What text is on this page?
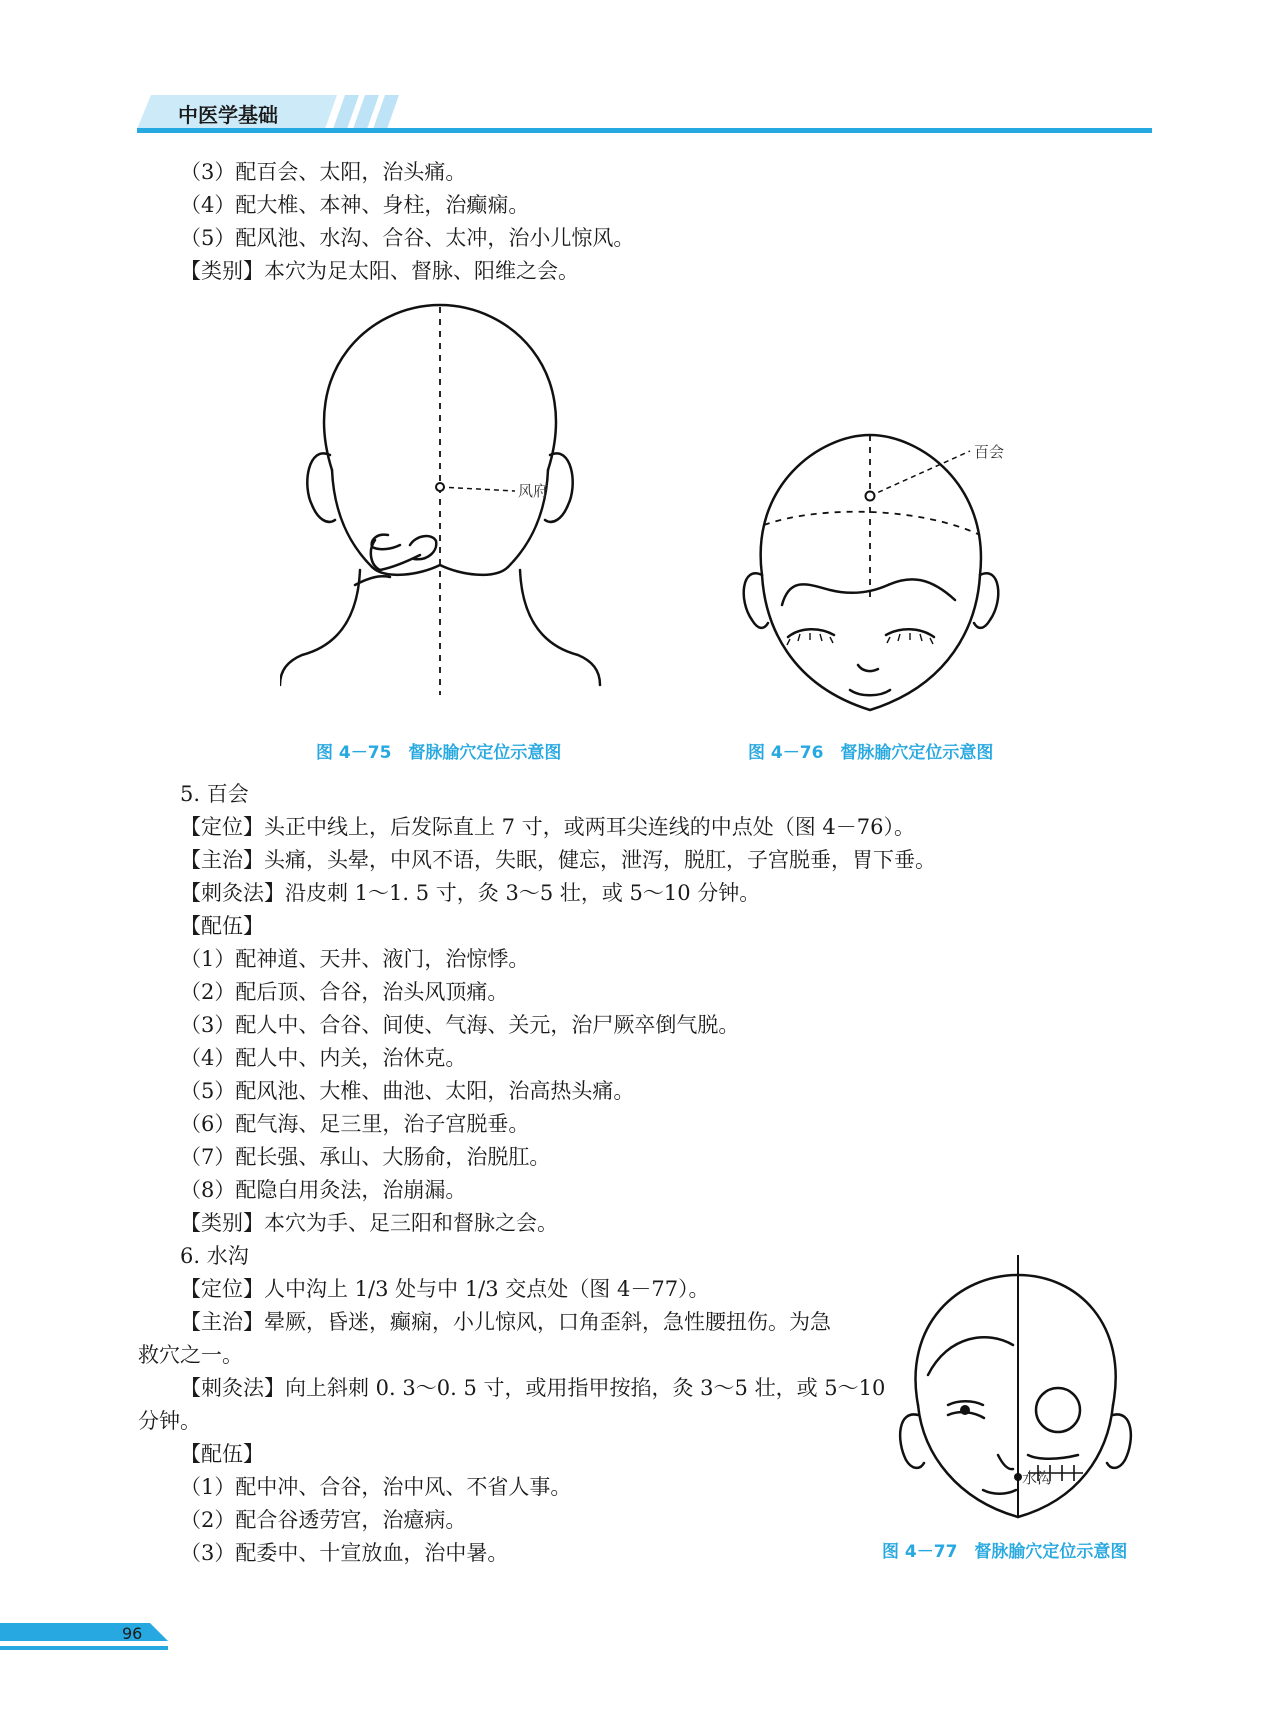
中医学基础
（3）配百会、太阳，治头痛。
（4）配大椎、本神、身柱，治癫痫。
（5）配风池、水沟、合谷、太冲，治小儿惊风。
【类别】本穴为足太阳、督脉、阳维之会。
风府
图 4－75　督脉腧穴定位示意图
百会
图 4－76　督脉腧穴定位示意图
5. 百会
【定位】头正中线上，后发际直上 7 寸，或两耳尖连线的中点处（图 4－76）。
【主治】头痛，头晕，中风不语，失眠，健忘，泄泻，脱肛，子宫脱垂，胃下垂。
【刺灸法】沿皮刺 1～1. 5 寸，灸 3～5 壮，或 5～10 分钟。
【配伍】
（1）配神道、天井、液门，治惊悸。
（2）配后顶、合谷，治头风顶痛。
（3）配人中、合谷、间使、气海、关元，治尸厥卒倒气脱。
（4）配人中、内关，治休克。
（5）配风池、大椎、曲池、太阳，治高热头痛。
（6）配气海、足三里，治子宫脱垂。
（7）配长强、承山、大肠俞，治脱肛。
（8）配隐白用灸法，治崩漏。
【类别】本穴为手、足三阳和督脉之会。
6. 水沟
【定位】人中沟上 1/3 处与中 1/3 交点处（图 4－77）。
【主治】晕厥，昏迷，癫痫，小儿惊风，口角歪斜，急性腰扭伤。为急
救穴之一。
【刺灸法】向上斜刺 0. 3～0. 5 寸，或用指甲按掐，灸 3～5 壮，或 5～10
分钟。
【配伍】
（1）配中冲、合谷，治中风、不省人事。
（2）配合谷透劳宫，治癔病。
（3）配委中、十宣放血，治中暑。
水沟
图 4－77　督脉腧穴定位示意图
96
